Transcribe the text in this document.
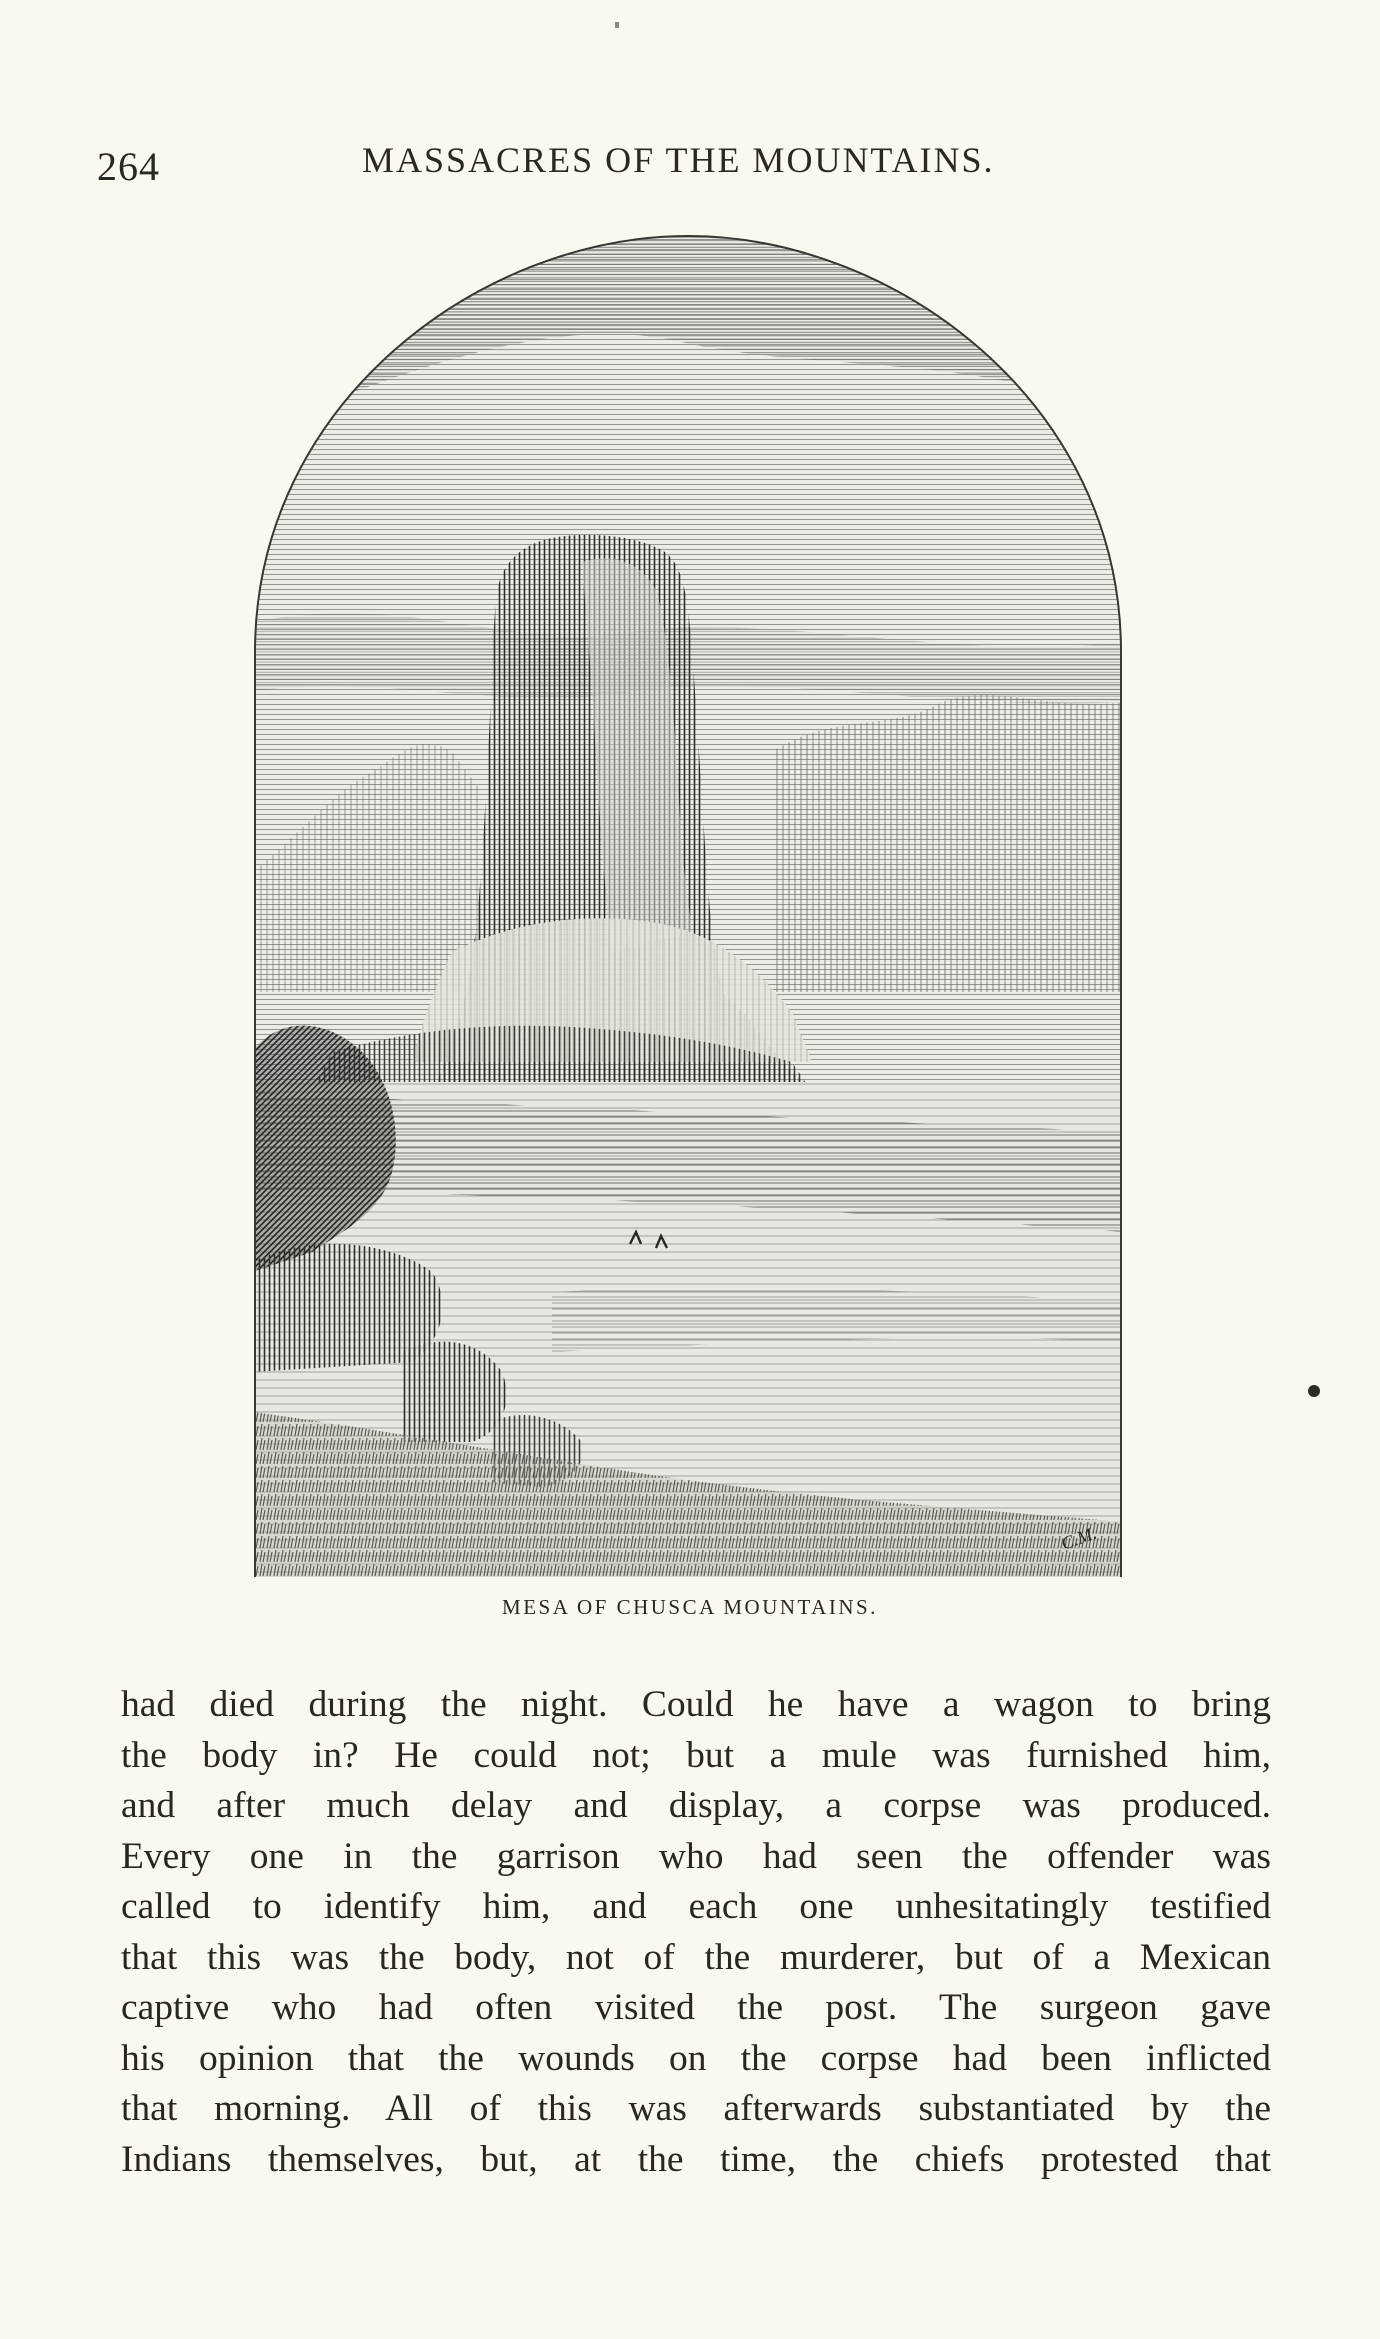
264	MASSACRES OF THE MOUNTAINS.
C.M.
MESA OF CHUSCA MOUNTAINS.
had died during the night. Could he have a wagon to bring
the body in? He could not; but a mule was furnished him,
and after much delay and display, a corpse was produced.
Every one in the garrison who had seen the offender was
called to identify him, and each one unhesitatingly testified
that this was the body, not of the murderer, but of a Mexican
captive who had often visited the post. The surgeon gave
his opinion that the wounds on the corpse had been inflicted
that morning. All of this was afterwards substantiated by the
Indians themselves, but, at the time, the chiefs protested that
